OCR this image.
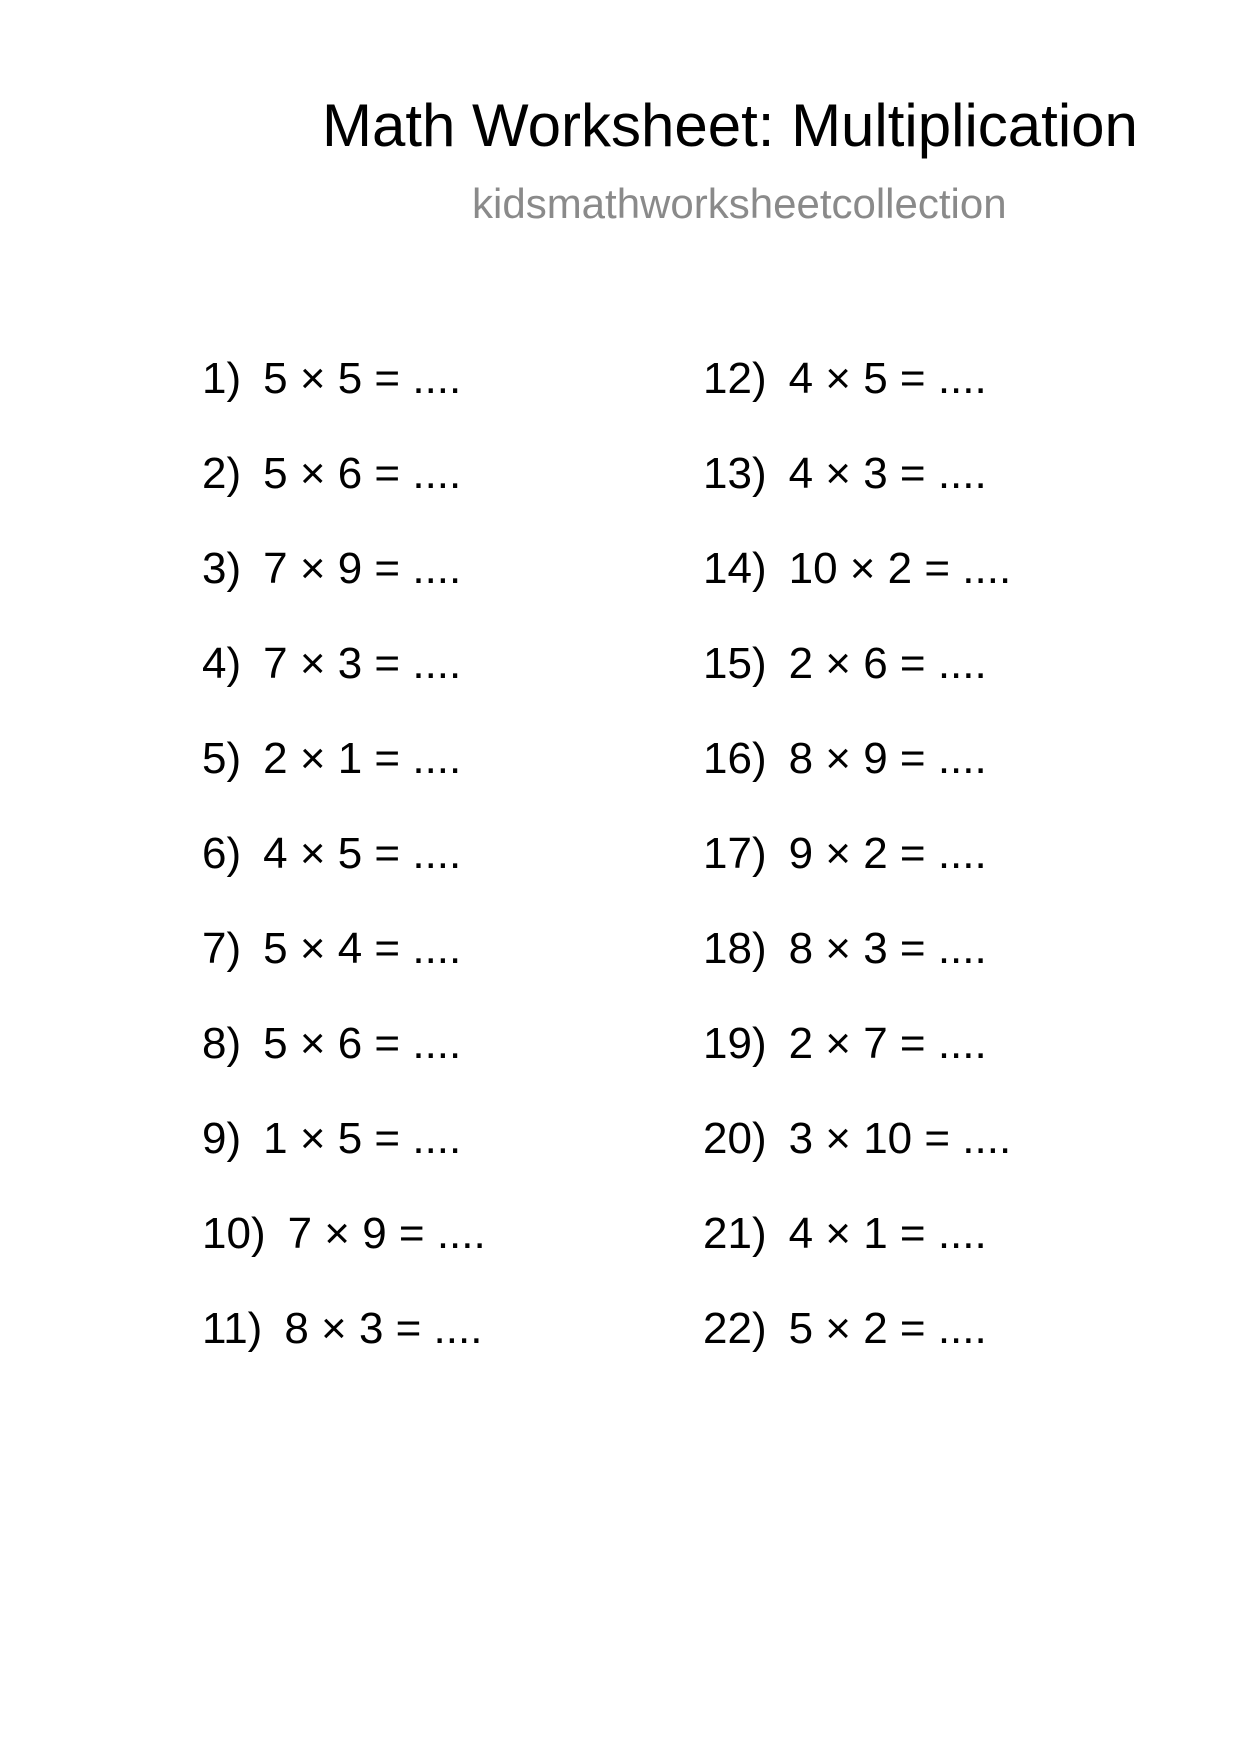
Math Worksheet: Multiplication
kidsmathworksheetcollection
1) 5 × 5 = ....
2) 5 × 6 = ....
3) 7 × 9 = ....
4) 7 × 3 = ....
5) 2 × 1 = ....
6) 4 × 5 = ....
7) 5 × 4 = ....
8) 5 × 6 = ....
9) 1 × 5 = ....
10) 7 × 9 = ....
11) 8 × 3 = ....
12) 4 × 5 = ....
13) 4 × 3 = ....
14) 10 × 2 = ....
15) 2 × 6 = ....
16) 8 × 9 = ....
17) 9 × 2 = ....
18) 8 × 3 = ....
19) 2 × 7 = ....
20) 3 × 10 = ....
21) 4 × 1 = ....
22) 5 × 2 = ....
